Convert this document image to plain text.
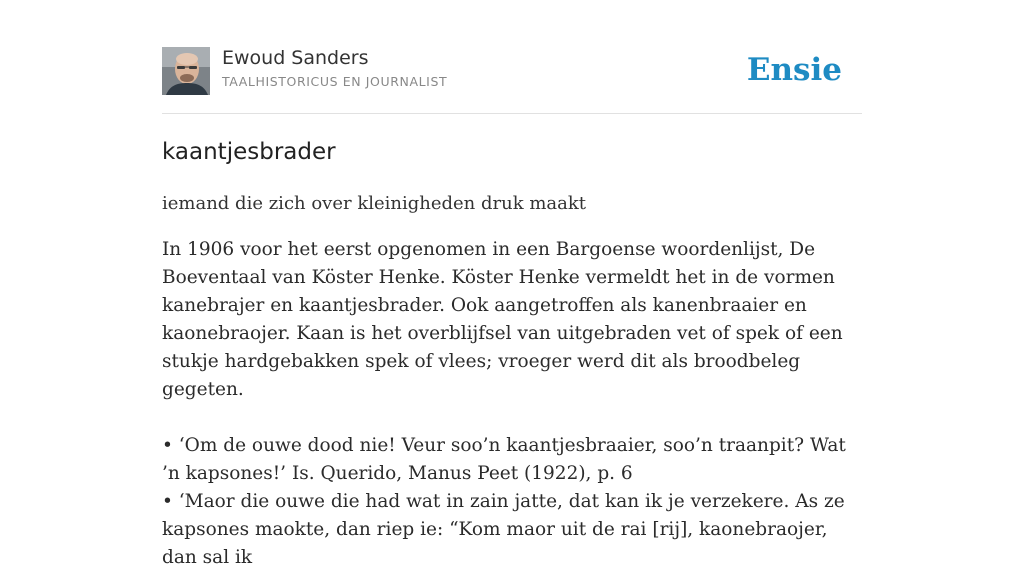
Ewoud Sanders
TAALHISTORICUS EN JOURNALIST	Ensie
kaantjesbrader

iemand die zich over kleinigheden druk maakt

In 1906 voor het eerst opgenomen in een Bargoense woordenlijst, De Boeventaal van Köster Henke. Köster Henke vermeldt het in de vormen kanebrajer en kaantjesbrader. Ook aangetroffen als kanenbraaier en kaonebraojer. Kaan is het overblijfsel van uitgebraden vet of spek of een stukje hardgebakken spek of vlees; vroeger werd dit als broodbeleg gegeten.

• ‘Om de ouwe dood nie! Veur soo’n kaantjesbraaier, soo’n traanpit? Wat ’n kapsones!’ Is. Querido, Manus Peet (1922), p. 6

• ‘Maor die ouwe die had wat in zain jatte, dat kan ik je verzekere. As ze kapsones maokte, dan riep ie: “Kom maor uit de rai [rij], kaonebraojer, dan sal ik
